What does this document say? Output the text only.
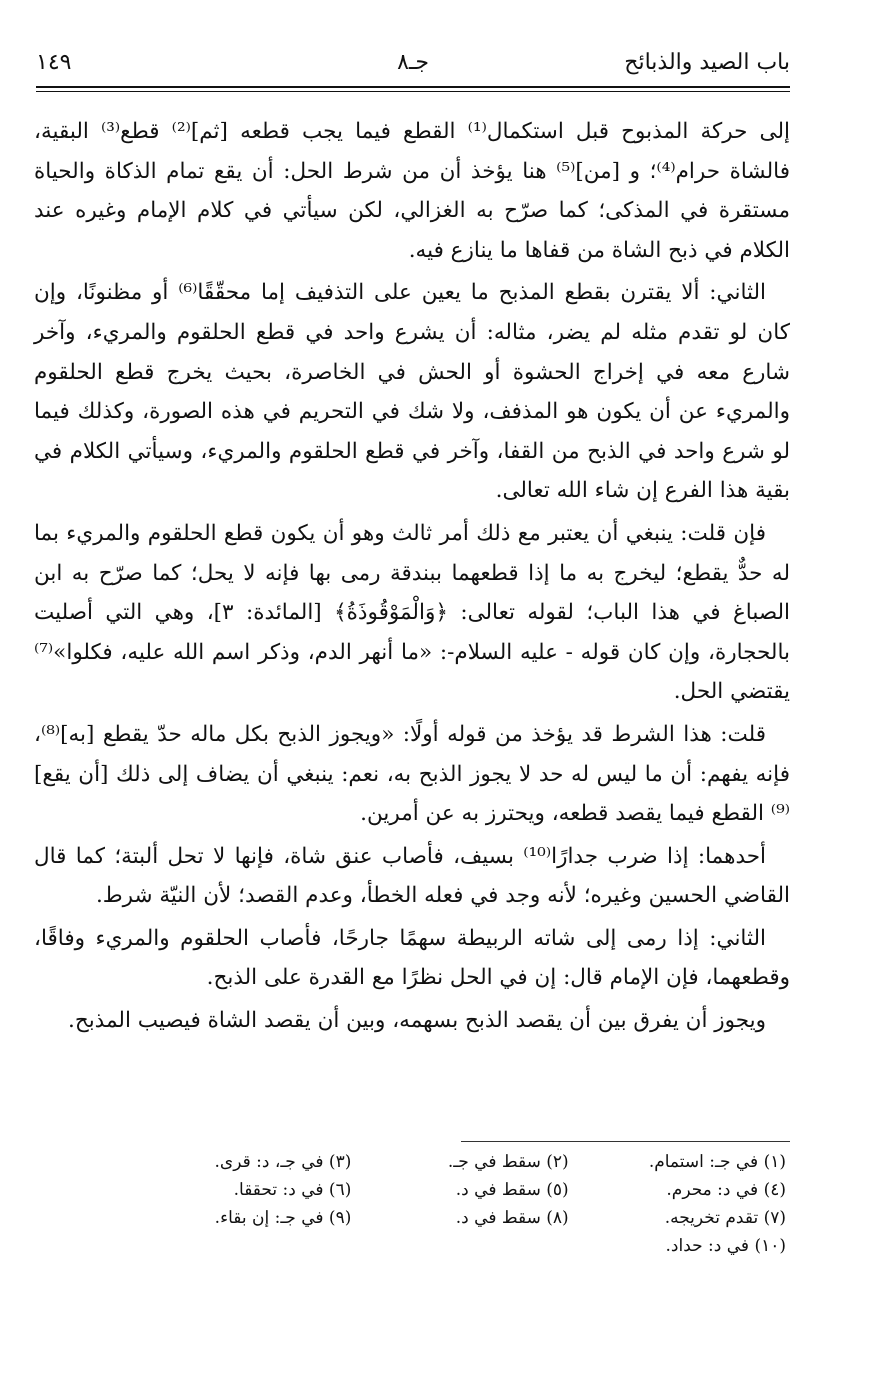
باب الصيد والذبائح
جـ٨
١٤٩

إلى حركة المذبوح قبل استكمال⁽¹⁾ القطع فيما يجب قطعه [ثم]⁽²⁾ قطع⁽³⁾ البقية، فالشاة حرام⁽⁴⁾؛ و [من]⁽⁵⁾ هنا يؤخذ أن من شرط الحل: أن يقع تمام الذكاة والحياة مستقرة في المذكى؛ كما صرّح به الغزالي، لكن سيأتي في كلام الإمام وغيره عند الكلام في ذبح الشاة من قفاها ما ينازع فيه.

الثاني: ألا يقترن بقطع المذبح ما يعين على التذفيف إما محقّقًا⁽⁶⁾ أو مظنونًا، وإن كان لو تقدم مثله لم يضر، مثاله: أن يشرع واحد في قطع الحلقوم والمريء، وآخر شارع معه في إخراج الحشوة أو الحش في الخاصرة، بحيث يخرج قطع الحلقوم والمريء عن أن يكون هو المذفف، ولا شك في التحريم في هذه الصورة، وكذلك فيما لو شرع واحد في الذبح من القفا، وآخر في قطع الحلقوم والمريء، وسيأتي الكلام في بقية هذا الفرع إن شاء الله تعالى.

فإن قلت: ينبغي أن يعتبر مع ذلك أمر ثالث وهو أن يكون قطع الحلقوم والمريء بما له حدٌّ يقطع؛ ليخرج به ما إذا قطعهما ببندقة رمى بها فإنه لا يحل؛ كما صرّح به ابن الصباغ في هذا الباب؛ لقوله تعالى: ﴿وَالْمَوْقُوذَةُ﴾ [المائدة: ٣]، وهي التي أصليت بالحجارة، وإن كان قوله - عليه السلام-: «ما أنهر الدم، وذكر اسم الله عليه، فكلوا»⁽⁷⁾ يقتضي الحل.

قلت: هذا الشرط قد يؤخذ من قوله أولًا: «ويجوز الذبح بكل ماله حدّ يقطع [به]⁽⁸⁾، فإنه يفهم: أن ما ليس له حد لا يجوز الذبح به، نعم: ينبغي أن يضاف إلى ذلك [أن يقع]⁽⁹⁾ القطع فيما يقصد قطعه، ويحترز به عن أمرين.

أحدهما: إذا ضرب جدارًا⁽¹⁰⁾ بسيف، فأصاب عنق شاة، فإنها لا تحل ألبتة؛ كما قال القاضي الحسين وغيره؛ لأنه وجد في فعله الخطأ، وعدم القصد؛ لأن النيّة شرط.

الثاني: إذا رمى إلى شاته الربيطة سهمًا جارحًا، فأصاب الحلقوم والمريء وفاقًا، وقطعهما، فإن الإمام قال: إن في الحل نظرًا مع القدرة على الذبح.

ويجوز أن يفرق بين أن يقصد الذبح بسهمه، وبين أن يقصد الشاة فيصيب المذبح.

(١) في جـ: استمام.
(٢) سقط في جـ.
(٣) في جـ، د: قرى.
(٤) في د: محرم.
(٥) سقط في د.
(٦) في د: تحققا.
(٧) تقدم تخريجه.
(٨) سقط في د.
(٩) في جـ: إن بقاء.
(١٠) في د: حداد.
